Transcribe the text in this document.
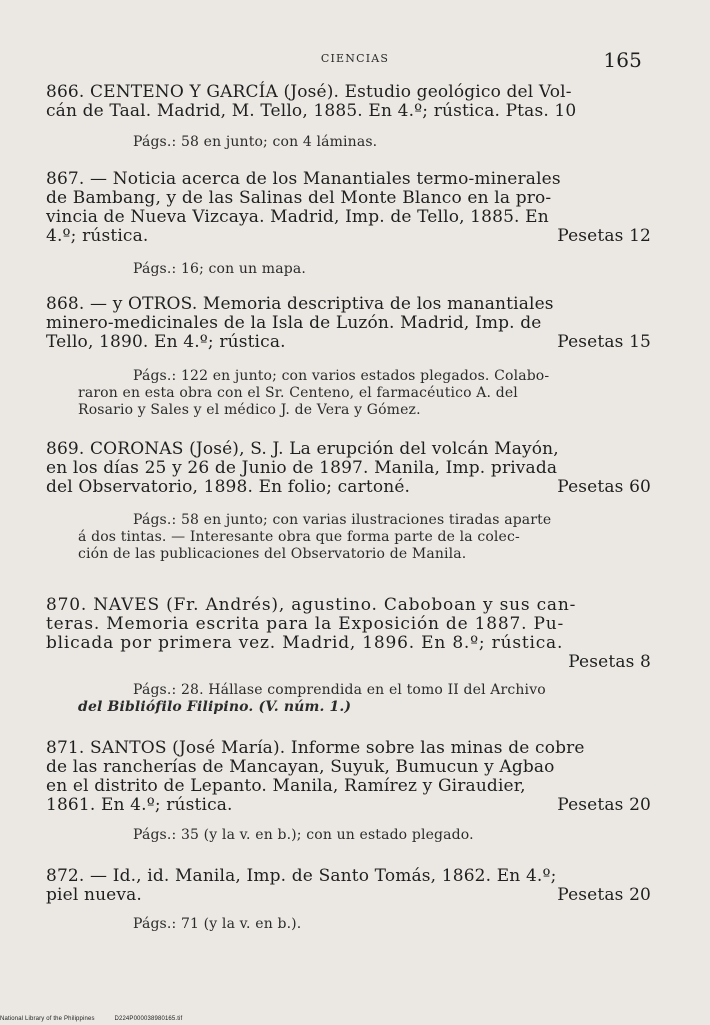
CIENCIAS	165
866. CENTENO Y GARCÍA (José). Estudio geológico del Vol-
cán de Taal. Madrid, M. Tello, 1885. En 4.º; rústica. Ptas. 10
Págs.: 58 en junto; con 4 láminas.
867. — Noticia acerca de los Manantiales termo-minerales
de Bambang, y de las Salinas del Monte Blanco en la pro-
vincia de Nueva Vizcaya. Madrid, Imp. de Tello, 1885. En
4.º; rústica.	Pesetas 12
Págs.: 16; con un mapa.
868. — y OTROS. Memoria descriptiva de los manantiales
minero-medicinales de la Isla de Luzón. Madrid, Imp. de
Tello, 1890. En 4.º; rústica.	Pesetas 15
Págs.: 122 en junto; con varios estados plegados. Colabo-
raron en esta obra con el Sr. Centeno, el farmacéutico A. del
Rosario y Sales y el médico J. de Vera y Gómez.
869. CORONAS (José), S. J. La erupción del volcán Mayón,
en los días 25 y 26 de Junio de 1897. Manila, Imp. privada
del Observatorio, 1898. En folio; cartoné.	Pesetas 60
Págs.: 58 en junto; con varias ilustraciones tiradas aparte
á dos tintas. — Interesante obra que forma parte de la colec-
ción de las publicaciones del Observatorio de Manila.
870. NAVES (Fr. Andrés), agustino. Caboboan y sus can-
teras. Memoria escrita para la Exposición de 1887. Pu-
blicada por primera vez. Madrid, 1896. En 8.º; rústica.
Pesetas 8
Págs.: 28. Hállase comprendida en el tomo II del Archivo
del Bibliófilo Filipino. (V. núm. 1.)
871. SANTOS (José María). Informe sobre las minas de cobre
de las rancherías de Mancayan, Suyuk, Bumucun y Agbao
en el distrito de Lepanto. Manila, Ramírez y Giraudier,
1861. En 4.º; rústica.	Pesetas 20
Págs.: 35 (y la v. en b.); con un estado plegado.
872. — Id., id. Manila, Imp. de Santo Tomás, 1862. En 4.º;
piel nueva.	Pesetas 20
Págs.: 71 (y la v. en b.).
National Library of the Philippines	D224P000038980165.tif
